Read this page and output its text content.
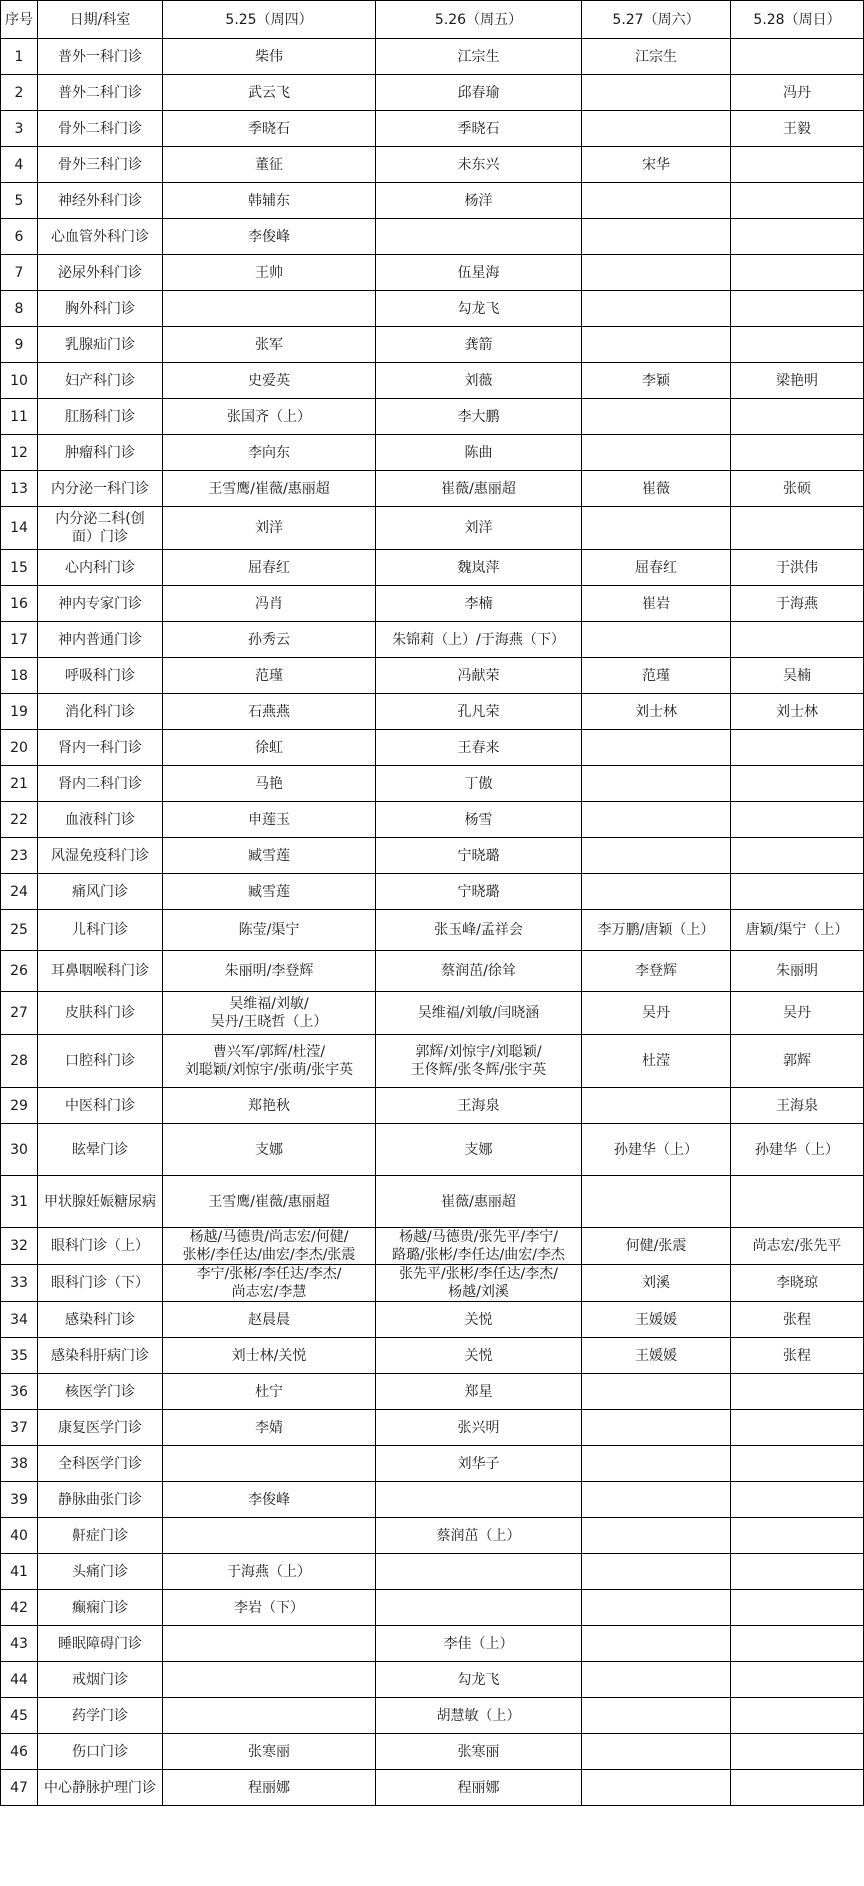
序号	日期/科室	5.25（周四）	5.26（周五）	5.27（周六）	5.28（周日）
1	普外一科门诊	柴伟	江宗生	江宗生	
2	普外二科门诊	武云飞	邱春瑜		冯丹
3	骨外二科门诊	季晓石	季晓石		王毅
4	骨外三科门诊	董征	未东兴	宋华	
5	神经外科门诊	韩辅东	杨洋		
6	心血管外科门诊	李俊峰			
7	泌尿外科门诊	王帅	伍星海		
8	胸外科门诊		勾龙飞		
9	乳腺疝门诊	张军	龚箭		
10	妇产科门诊	史爱英	刘薇	李颖	梁艳明
11	肛肠科门诊	张国齐（上）	李大鹏		
12	肿瘤科门诊	李向东	陈曲		
13	内分泌一科门诊	王雪鹰/崔薇/惠丽超	崔薇/惠丽超	崔薇	张硕
14	内分泌二科(创
面）门诊	刘洋	刘洋		
15	心内科门诊	屈春红	魏岚萍	屈春红	于洪伟
16	神内专家门诊	冯肖	李楠	崔岩	于海燕
17	神内普通门诊	孙秀云	朱锦莉（上）/于海燕（下）		
18	呼吸科门诊	范瑾	冯献荣	范瑾	吴楠
19	消化科门诊	石燕燕	孔凡荣	刘士林	刘士林
20	肾内一科门诊	徐虹	王春来		
21	肾内二科门诊	马艳	丁傲		
22	血液科门诊	申莲玉	杨雪		
23	风湿免疫科门诊	臧雪莲	宁晓璐		
24	痛风门诊	臧雪莲	宁晓璐		
25	儿科门诊	陈莹/渠宁	张玉峰/孟祥会	李万鹏/唐颖（上）	唐颖/渠宁（上）
26	耳鼻咽喉科门诊	朱丽明/李登辉	蔡润茁/徐耸	李登辉	朱丽明
27	皮肤科门诊	吴维福/刘敏/
吴丹/王晓哲（上）	吴维福/刘敏/闫晓涵	吴丹	吴丹
28	口腔科门诊	曹兴军/郭辉/杜滢/
刘聪颖/刘惊宇/张萌/张宇英	郭辉/刘惊宇/刘聪颖/
王佟辉/张冬辉/张宇英	杜滢	郭辉
29	中医科门诊	郑艳秋	王海泉		王海泉
30	眩晕门诊	支娜	支娜	孙建华（上）	孙建华（上）
31	甲状腺妊娠糖尿病	王雪鹰/崔薇/惠丽超	崔薇/惠丽超		
32	眼科门诊（上）	杨越/马德贵/尚志宏/何健/
张彬/李任达/曲宏/李杰/张震	杨越/马德贵/张先平/李宁/
路璐/张彬/李任达/曲宏/李杰	何健/张震	尚志宏/张先平
33	眼科门诊（下）	李宁/张彬/李任达/李杰/
尚志宏/李慧	张先平/张彬/李任达/李杰/
杨越/刘溪	刘溪	李晓琼
34	感染科门诊	赵晨晨	关悦	王媛媛	张程
35	感染科肝病门诊	刘士林/关悦	关悦	王媛媛	张程
36	核医学门诊	杜宁	郑星		
37	康复医学门诊	李婧	张兴明		
38	全科医学门诊		刘华子		
39	静脉曲张门诊	李俊峰			
40	鼾症门诊		蔡润茁（上）		
41	头痛门诊	于海燕（上）			
42	癫痫门诊	李岩（下）			
43	睡眠障碍门诊		李佳（上）		
44	戒烟门诊		勾龙飞		
45	药学门诊		胡慧敏（上）		
46	伤口门诊	张寒丽	张寒丽		
47	中心静脉护理门诊	程丽娜	程丽娜		
